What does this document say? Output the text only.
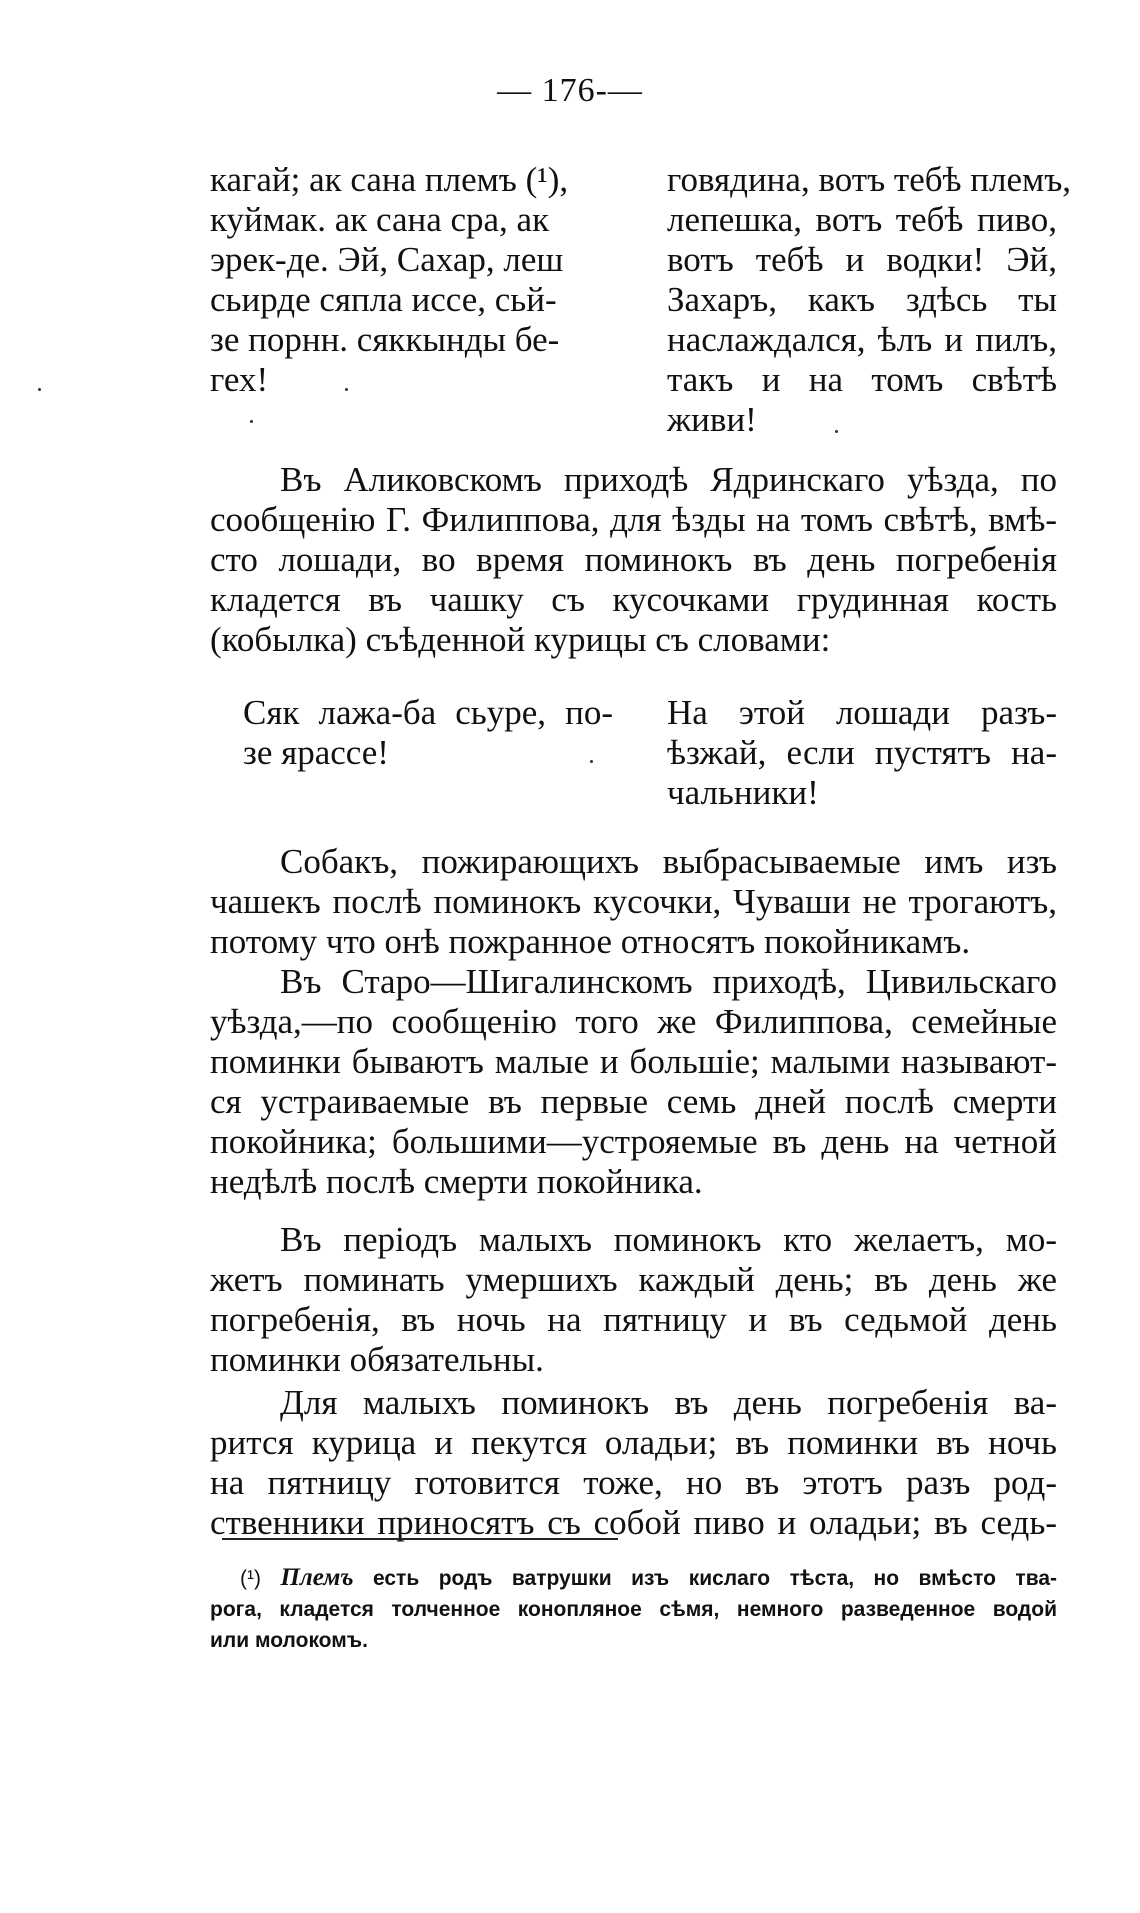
— 176-—
кагай; ак сана племъ (¹),
куймак. ак сана сра, ак
эрек-де. Эй, Сахар, леш
сьирде сяпла иссе, сьй-
зе порнн. сяккынды бе-
гех!
говядина, вотъ тебѣ племъ,
лепешка, вотъ тебѣ пиво,
вотъ тебѣ и водки! Эй,
Захаръ, какъ здѣсь ты
наслаждался, ѣлъ и пилъ,
такъ и на томъ свѣтѣ
живи!
Въ Аликовскомъ приходѣ Ядринскаго уѣзда, по
сообщенію Г. Филиппова, для ѣзды на томъ свѣтѣ, вмѣ-
сто лошади, во время поминокъ въ день погребенія
кладется въ чашку съ кусочками грудинная кость
(кобылка) съѣденной курицы съ словами:
Сяк лажа-ба сьуре, по-
зе ярассе!
На этой лошади разъ-
ѣзжай, если пустятъ на-
чальники!
Собакъ, пожирающихъ выбрасываемые имъ изъ
чашекъ послѣ поминокъ кусочки, Чуваши не трогаютъ,
потому что онѣ пожранное относятъ покойникамъ.
Въ Старо—Шигалинскомъ приходѣ, Цивильскаго
уѣзда,—по сообщенію того же Филиппова, семейные
поминки бываютъ малые и большіе; малыми называют-
ся устраиваемые въ первые семь дней послѣ смерти
покойника; большими—устрояемые въ день на четной
недѣлѣ послѣ смерти покойника.
Въ періодъ малыхъ поминокъ кто желаетъ, мо-
жетъ поминать умершихъ каждый день; въ день же
погребенія, въ ночь на пятницу и въ седьмой день
поминки обязательны.
Для малыхъ поминокъ въ день погребенія ва-
рится курица и пекутся оладьи; въ поминки въ ночь
на пятницу готовится тоже, но въ этотъ разъ род-
ственники приносятъ съ собой пиво и оладьи; въ седь-
(¹) Племъ есть родъ ватрушки изъ кислаго тѣста, но вмѣсто тва-
рога, кладется толченное конопляное сѣмя, немного разведенное водой
или молокомъ.
